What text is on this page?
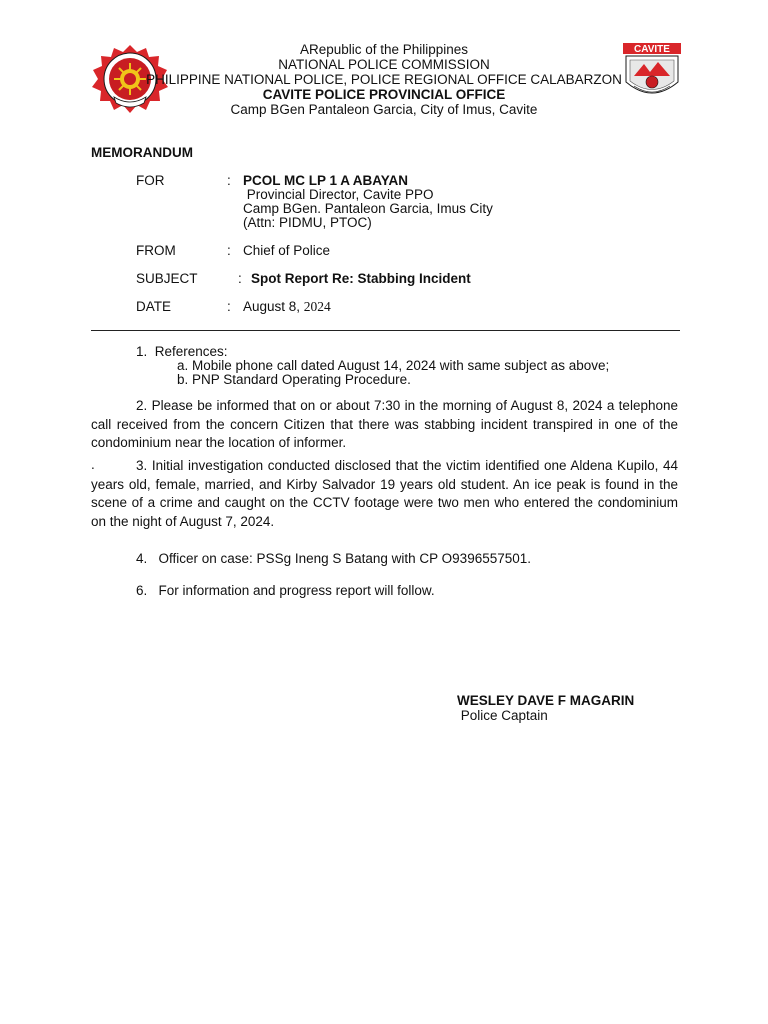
CAVITE
ARepublic of the Philippines
NATIONAL POLICE COMMISSION
PHILIPPINE NATIONAL POLICE, POLICE REGIONAL OFFICE CALABARZON
CAVITE POLICE PROVINCIAL OFFICE
Camp BGen Pantaleon Garcia, City of Imus, Cavite
MEMORANDUM
FOR	: PCOL MC LP 1 A ABAYAN
Provincial Director, Cavite PPO
Camp BGen. Pantaleon Garcia, Imus City
(Attn: PIDMU, PTOC)
FROM	: Chief of Police
SUBJECT	: Spot Report Re: Stabbing Incident
DATE	: August 8, 2024
1.  References:
a. Mobile phone call dated August 14, 2024 with same subject as above;
b. PNP Standard Operating Procedure.
2. Please be informed that on or about 7:30 in the morning of August 8, 2024 a telephone call received from the concern Citizen that there was stabbing incident transpired in one of the condominium near the location of informer.
.	3. Initial investigation conducted disclosed that the victim identified one Aldena Kupilo, 44 years old, female, married, and Kirby Salvador 19 years old student. An ice peak is found in the scene of a crime and caught on the CCTV footage were two men who entered the condominium on the night of August 7, 2024.
4.   Officer on case: PSSg Ineng S Batang with CP O9396557501.
6.   For information and progress report will follow.
WESLEY DAVE F MAGARIN
Police Captain
